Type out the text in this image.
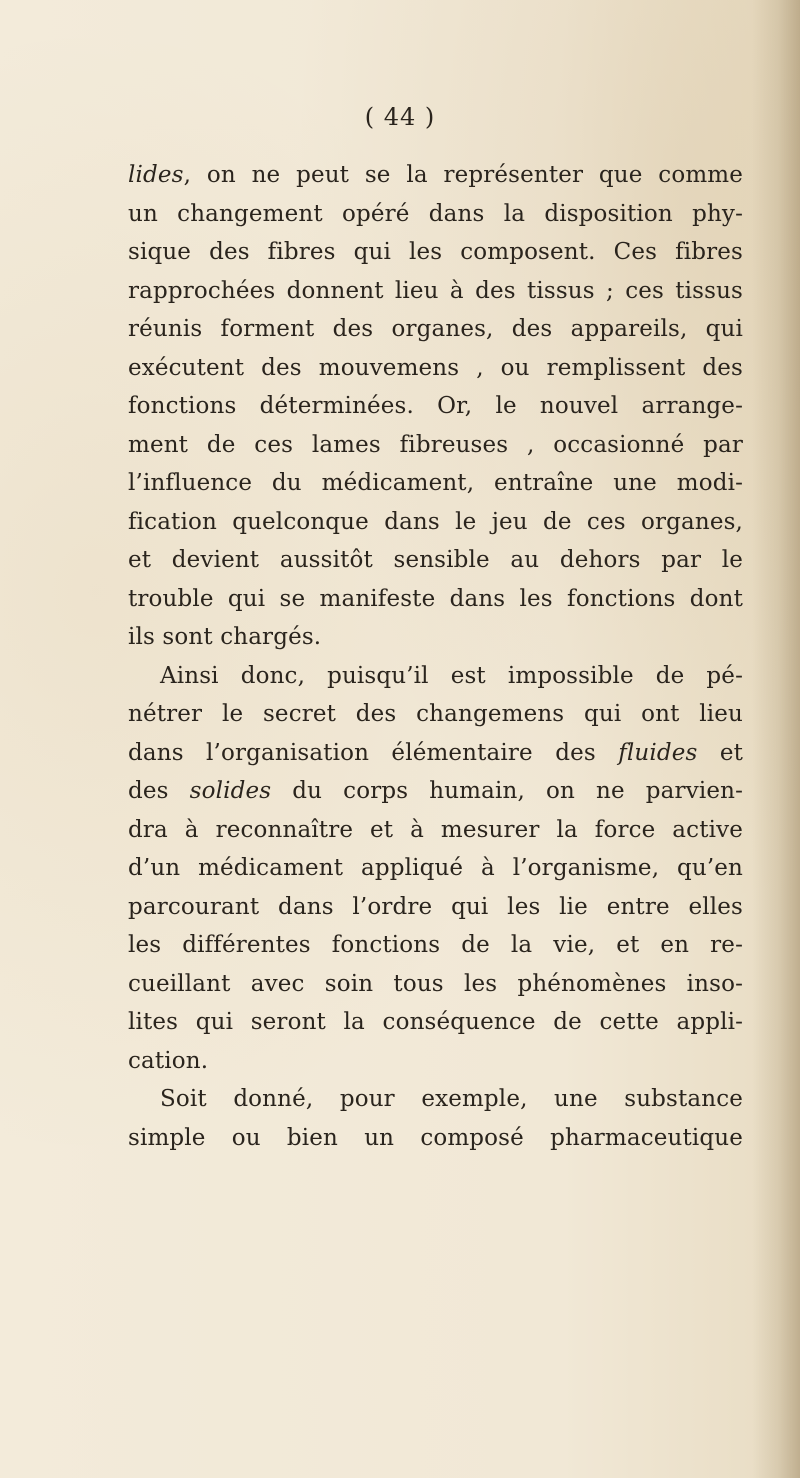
( 44 )
lides, on ne peut se la représenter que comme
un changement opéré dans la disposition phy-
sique des fibres qui les composent. Ces fibres
rapprochées donnent lieu à des tissus ; ces tissus
réunis forment des organes, des appareils, qui
exécutent des mouvemens , ou remplissent des
fonctions déterminées. Or, le nouvel arrange-
ment de ces lames fibreuses , occasionné par
l’influence du médicament, entraîne une modi-
fication quelconque dans le jeu de ces organes,
et devient aussitôt sensible au dehors par le
trouble qui se manifeste dans les fonctions dont
ils sont chargés.
Ainsi donc, puisqu’il est impossible de pé-
nétrer le secret des changemens qui ont lieu
dans l’organisation élémentaire des fluides et
des solides du corps humain, on ne parvien-
dra à reconnaître et à mesurer la force active
d’un médicament appliqué à l’organisme, qu’en
parcourant dans l’ordre qui les lie entre elles
les différentes fonctions de la vie, et en re-
cueillant avec soin tous les phénomènes inso-
lites qui seront la conséquence de cette appli-
cation.
Soit donné, pour exemple, une substance
simple ou bien un composé pharmaceutique
